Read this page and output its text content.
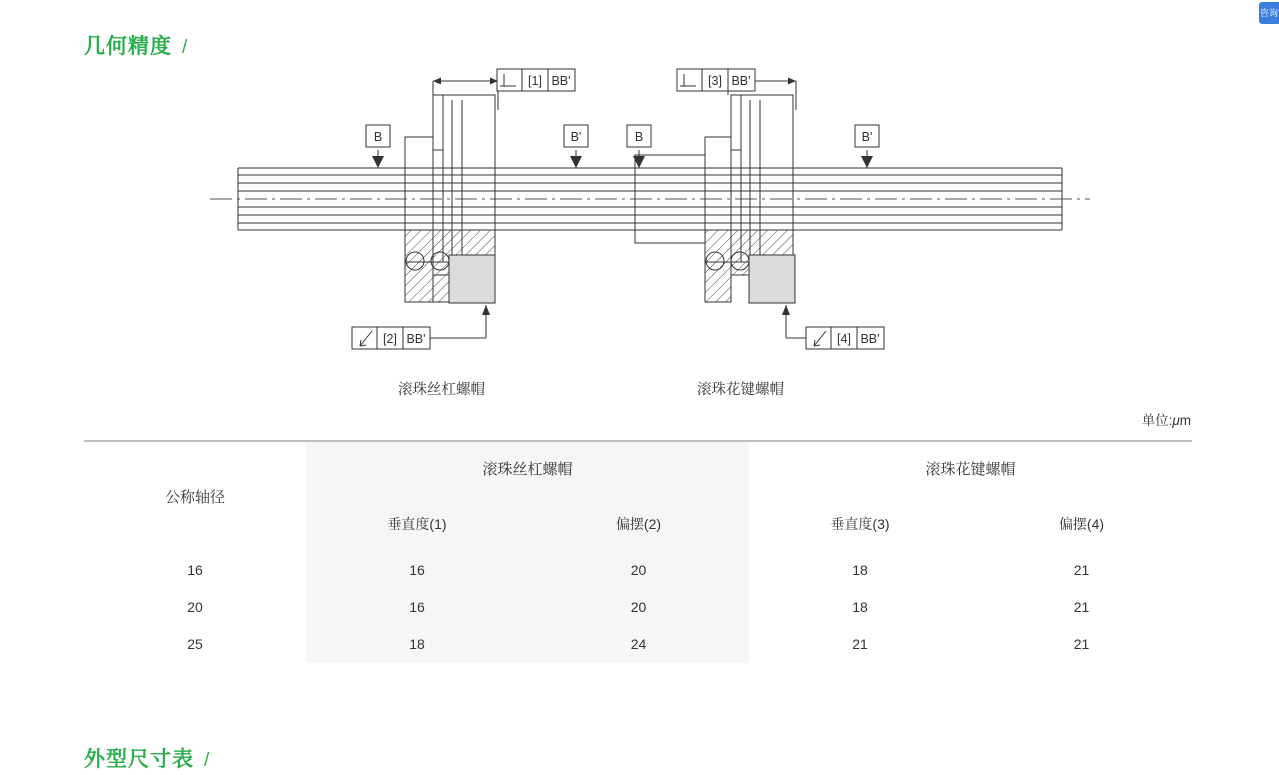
几何精度 /
B	B'	B	B'
[1] BB'	[3] BB'
[2] BB'	[4] BB'
滚珠丝杠螺帽	滚珠花键螺帽
单位:μm
公称轴径	滚珠丝杠螺帽		滚珠花键螺帽	
	垂直度(1)	偏摆(2)	垂直度(3)	偏摆(4)
16	16	20	18	21
20	16	20	18	21
25	18	24	21	21
外型尺寸表 /
咨询
